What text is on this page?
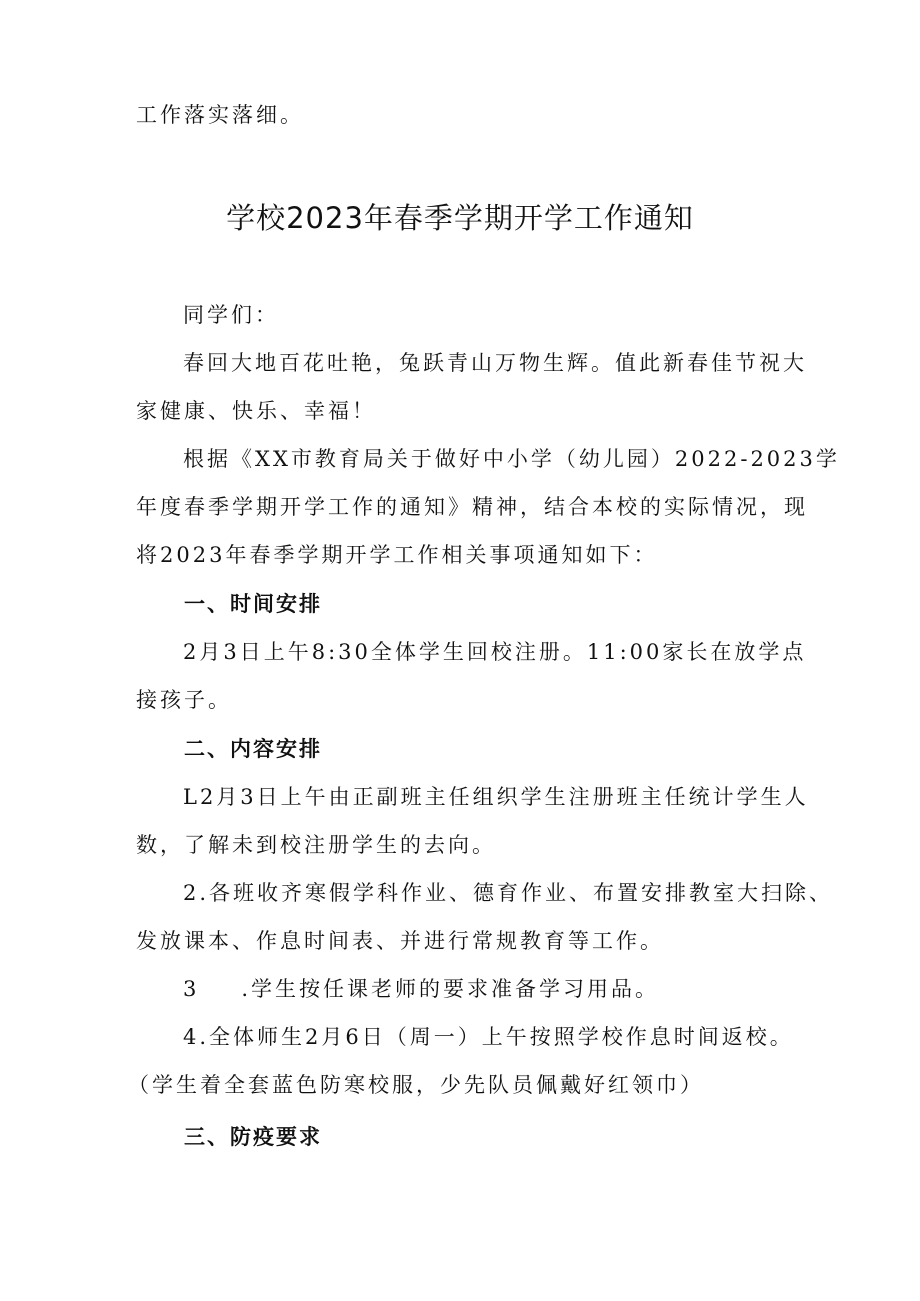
工作落实落细。
学校2023年春季学期开学工作通知
同学们：
春回大地百花吐艳，兔跃青山万物生辉。值此新春佳节祝大
家健康、快乐、幸福！
根据《XX市教育局关于做好中小学（幼儿园）2022-2023学
年度春季学期开学工作的通知》精神，结合本校的实际情况，现
将2023年春季学期开学工作相关事项通知如下：
一、时间安排
2月3日上午8:30全体学生回校注册。11:00家长在放学点
接孩子。
二、内容安排
L2月3日上午由正副班主任组织学生注册班主任统计学生人
数，了解未到校注册学生的去向。
2.各班收齐寒假学科作业、德育作业、布置安排教室大扫除、
发放课本、作息时间表、并进行常规教育等工作。
3 .学生按任课老师的要求准备学习用品。
4.全体师生2月6日（周一）上午按照学校作息时间返校。
（学生着全套蓝色防寒校服，少先队员佩戴好红领巾）
三、防疫要求
